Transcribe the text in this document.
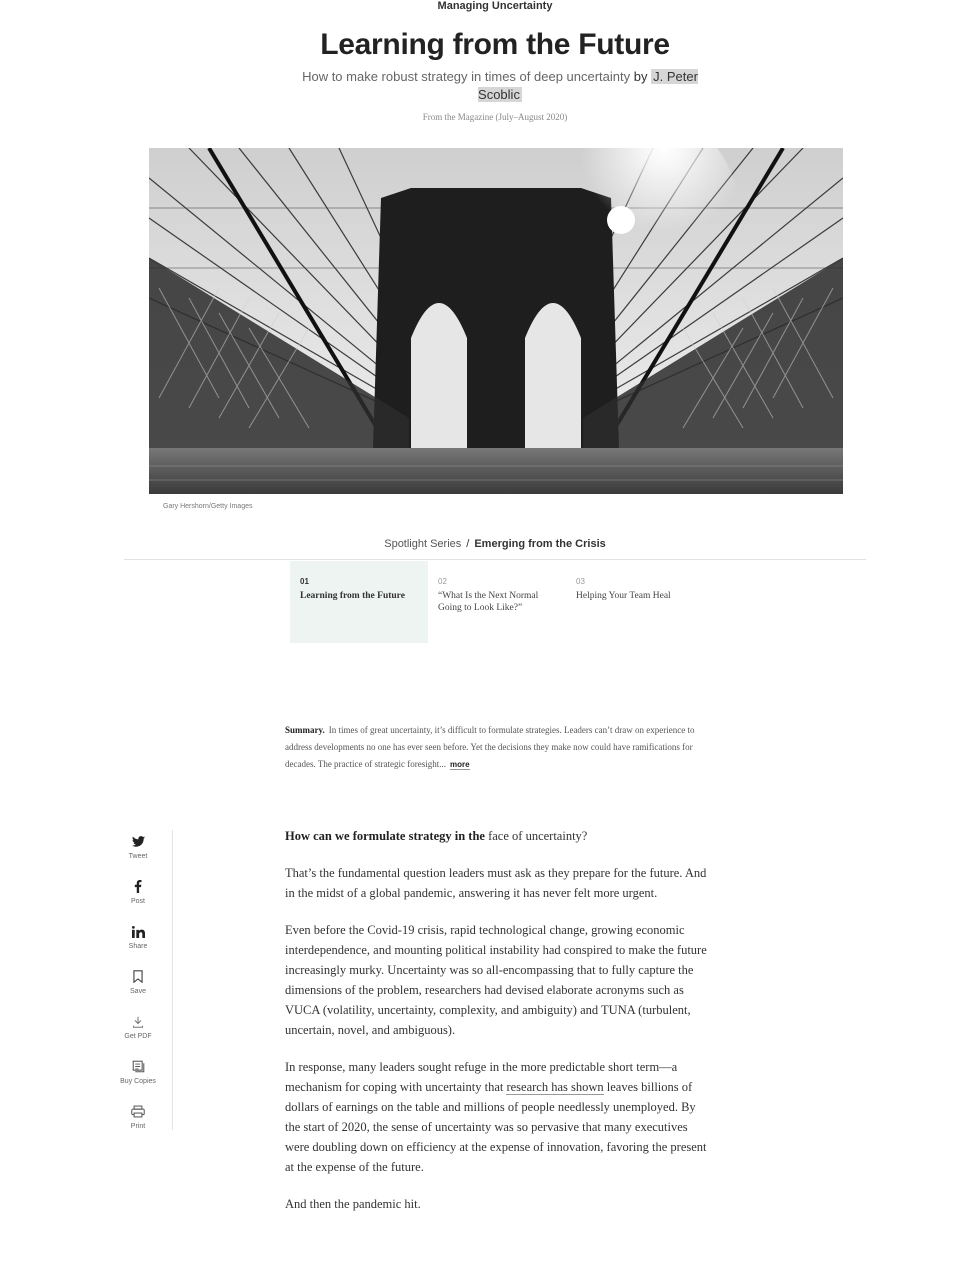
Managing Uncertainty
Learning from the Future
How to make robust strategy in times of deep uncertainty by J. Peter Scoblic
From the Magazine (July–August 2020)
Gary Hershorn/Getty Images
Spotlight Series / Emerging from the Crisis
01
Learning from the Future
02
“What Is the Next Normal Going to Look Like?”
03
Helping Your Team Heal
Summary. In times of great uncertainty, it’s difficult to formulate strategies. Leaders can’t draw on experience to address developments no one has ever seen before. Yet the decisions they make now could have ramifications for decades. The practice of strategic foresight... more
Tweet
Post
Share
Save
Get PDF
Buy Copies
Print

How can we formulate strategy in the face of uncertainty?

That’s the fundamental question leaders must ask as they prepare for the future. And in the midst of a global pandemic, answering it has never felt more urgent.

Even before the Covid-19 crisis, rapid technological change, growing economic interdependence, and mounting political instability had conspired to make the future increasingly murky. Uncertainty was so all-encompassing that to fully capture the dimensions of the problem, researchers had devised elaborate acronyms such as VUCA (volatility, uncertainty, complexity, and ambiguity) and TUNA (turbulent, uncertain, novel, and ambiguous).

In response, many leaders sought refuge in the more predictable short term—a mechanism for coping with uncertainty that research has shown leaves billions of dollars of earnings on the table and millions of people needlessly unemployed. By the start of 2020, the sense of uncertainty was so pervasive that many executives were doubling down on efficiency at the expense of innovation, favoring the present at the expense of the future.

And then the pandemic hit.
